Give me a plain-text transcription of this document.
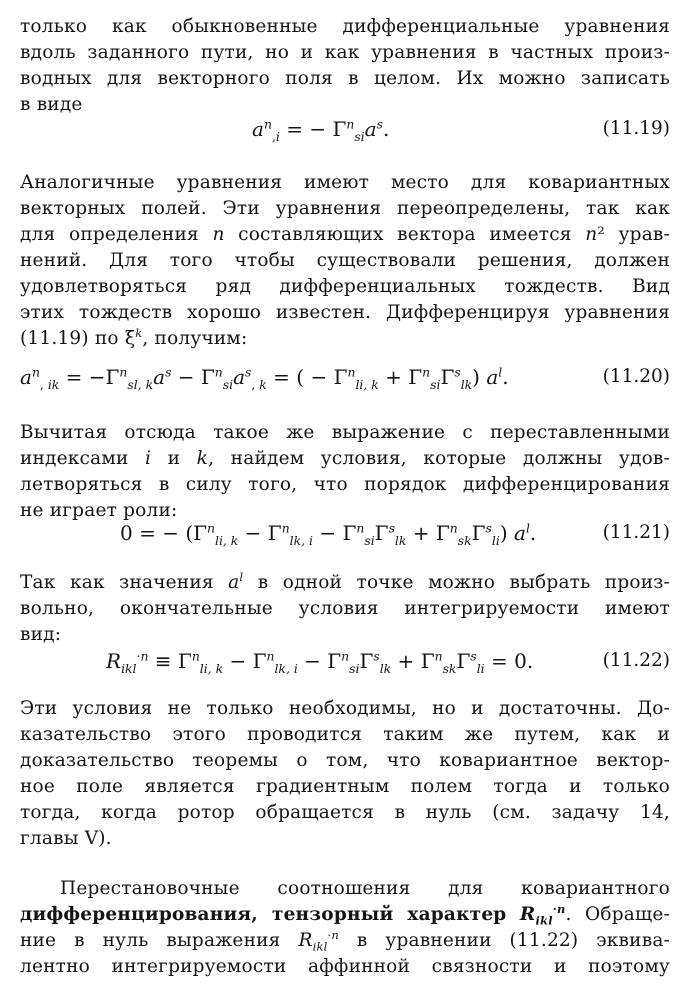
только как обыкновенные дифференциальные уравнения

вдоль заданного пути, но и как уравнения в частных произ-

водных для векторного поля в целом. Их можно записать

в виде

$a^n_{,i}$ = − $\Gamma^n_{si}a^s$.	(11.19)

Аналогичные уравнения имеют место для ковариантных

векторных полей. Эти уравнения переопределены, так как

для определения n составляющих вектора имеется n² урав-

нений. Для того чтобы существовали решения, должен

удовлетворяться ряд дифференциальных тождеств. Вид

этих тождеств хорошо известен. Дифференцируя уравнения

(11.19) по $\xi^k$, получим:

$a^n_{, ik} = -\Gamma^n_{sl, k}a^s - \Gamma^n_{si}a^s_{, k}$ = ( − $\Gamma^n_{li, k} + \Gamma^n_{si}\Gamma^s_{lk}$) $a^l$.	(11.20)

Вычитая отсюда такое же выражение с переставленными

индексами i и k, найдем условия, которые должны удов-

летворяться в силу того, что порядок дифференцирования

не играет роли:

0 = − $(\Gamma^n_{li, k} - \Gamma^n_{lk, i} - \Gamma^n_{si}\Gamma^s_{lk} + \Gamma^n_{sk}\Gamma^s_{li})$ $a^l$.	(11.21)

Так как значения $a^l$ в одной точке можно выбрать произ-

вольно, окончательные условия интегрируемости имеют

вид:

$R_{ikl}^{\cdot n} \equiv \Gamma^n_{li, k} - \Gamma^n_{lk, i} - \Gamma^n_{si}\Gamma^s_{lk} + \Gamma^n_{sk}\Gamma^s_{li} = 0$.	(11.22)

Эти условия не только необходимы, но и достаточны. До-

казательство этого проводится таким же путем, как и

доказательство теоремы о том, что ковариантное вектор-

ное поле является градиентным полем тогда и только

тогда, когда ротор обращается в нуль (см. задачу 14,

главы V).

Перестановочные соотношения для ковариантного

дифференцирования, тензорный характер $R_{ikl}^{\cdot n}$. Обраще-

ние в нуль выражения $R_{ikl}^{\cdot n}$ в уравнении (11.22) эквива-

лентно интегрируемости аффинной связности и поэтому
